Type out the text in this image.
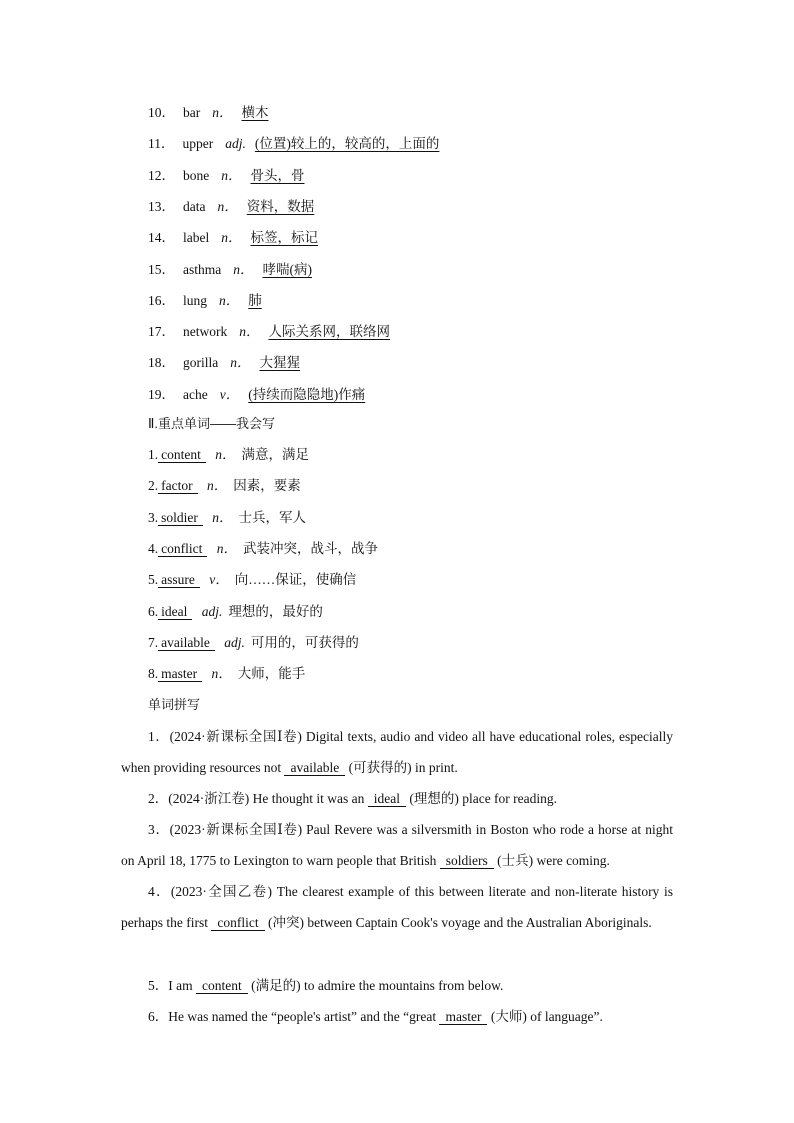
10． bar n． 横木
11． upper adj. (位置)较上的，较高的，上面的
12． bone n． 骨头，骨
13． data n． 资料，数据
14． label n． 标签，标记
15． asthma n． 哮喘(病)
16． lung n． 肺
17． network n． 人际关系网，联络网
18． gorilla n． 大猩猩
19． ache v． (持续而隐隐地)作痛
Ⅱ.重点单词——我会写
1. content n． 满意，满足
2. factor n． 因素，要素
3. soldier n． 士兵，军人
4. conflict n． 武装冲突，战斗，战争
5. assure v． 向……保证，使确信
6. ideal adj. 理想的，最好的
7. available adj. 可用的，可获得的
8. master n． 大师，能手
单词拼写
1．(2024·新课标全国Ⅰ卷) Digital texts, audio and video all have educational roles, especially when providing resources not available (可获得的) in print.
2．(2024·浙江卷) He thought it was an ideal (理想的) place for reading.
3．(2023·新课标全国Ⅰ卷) Paul Revere was a silversmith in Boston who rode a horse at night on April 18, 1775 to Lexington to warn people that British soldiers (士兵) were coming.
4．(2023·全国乙卷) The clearest example of this between literate and non-literate history is perhaps the first conflict (冲突) between Captain Cook's voyage and the Australian Aboriginals.
5．I am content (满足的) to admire the mountains from below.
6．He was named the “people's artist” and the “great master (大师) of language”.
